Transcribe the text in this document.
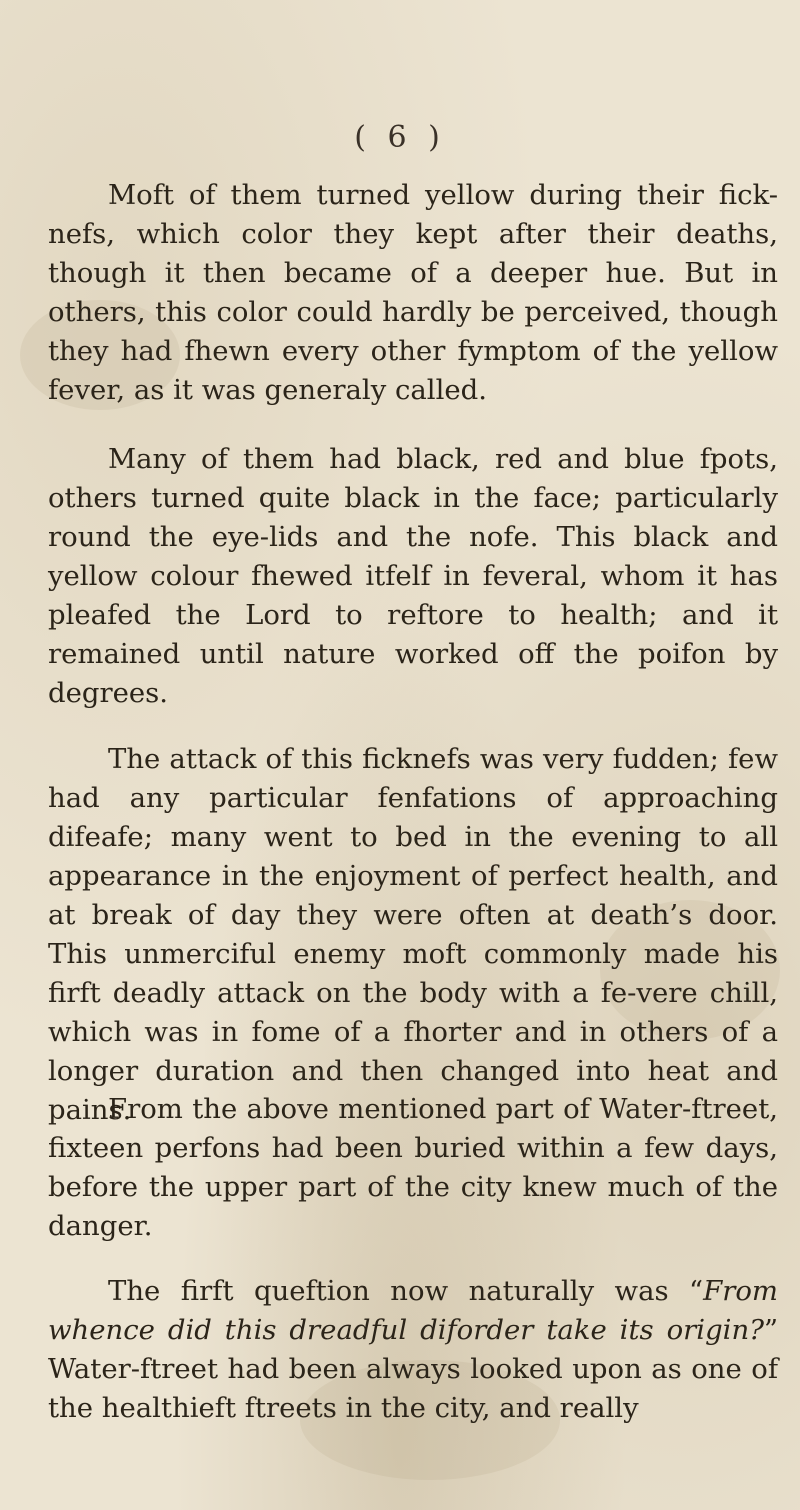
( 6 )

Moft of them turned yellow during their fick-nefs, which color they kept after their deaths, though it then became of a deeper hue. But in others, this color could hardly be perceived, though they had fhewn every other fymptom of the yellow fever, as it was generaly called.

Many of them had black, red and blue fpots, others turned quite black in the face; particularly round the eye-lids and the nofe. This black and yellow colour fhewed itfelf in feveral, whom it has pleafed the Lord to reftore to health; and it remained until nature worked off the poifon by degrees.

The attack of this ficknefs was very fudden; few had any particular fenfations of approaching difeafe; many went to bed in the evening to all appearance in the enjoyment of perfect health, and at break of day they were often at death’s door. This unmerciful enemy moft commonly made his firft deadly attack on the body with a fe-vere chill, which was in fome of a fhorter and in others of a longer duration and then changed into heat and pains.

From the above mentioned part of Water-ftreet, fixteen perfons had been buried within a few days, before the upper part of the city knew much of the danger.

The firft queftion now naturally was “From whence did this dreadful diforder take its origin?” Water-ftreet had been always looked upon as one of the healthieft ftreets in the city, and really
